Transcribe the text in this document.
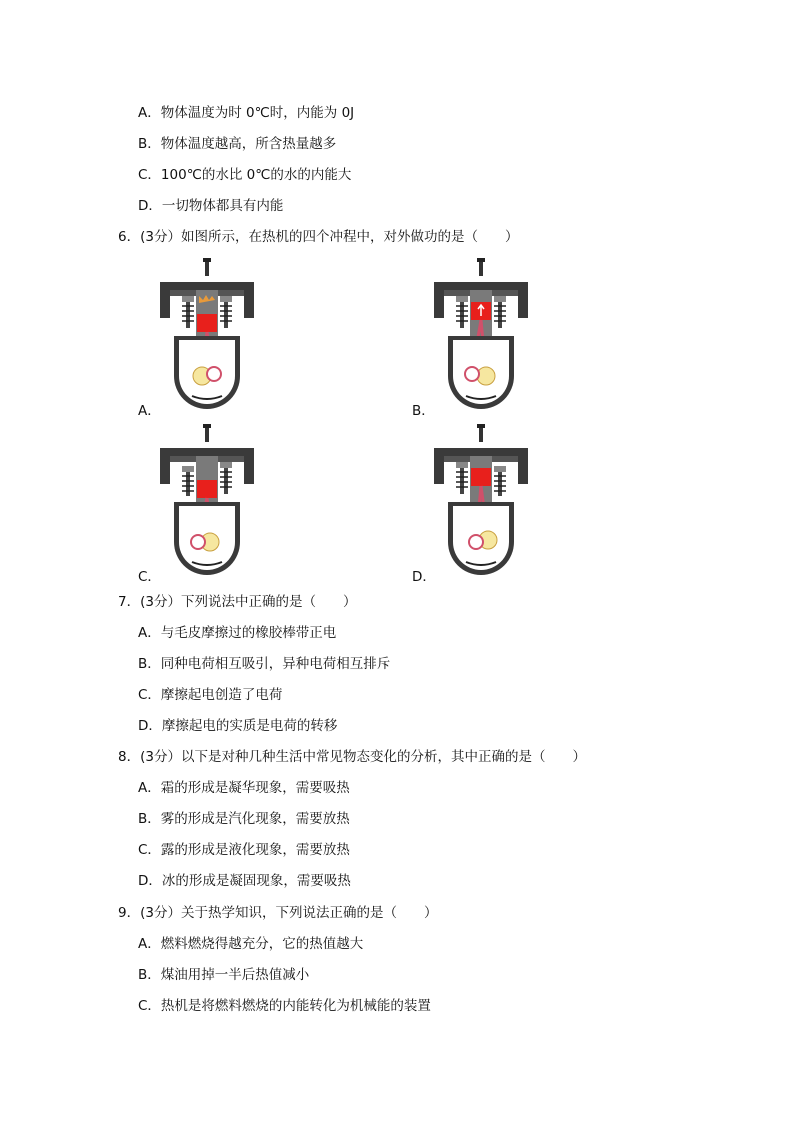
A．物体温度为时 0℃时，内能为 0J
B．物体温度越高，所含热量越多
C．100℃的水比 0℃的水的内能大
D．一切物体都具有内能
6．(3分）如图所示，在热机的四个冲程中，对外做功的是（　　）
A．	B．
C．	D．
7．(3分）下列说法中正确的是（　　）
A．与毛皮摩擦过的橡胶棒带正电
B．同种电荷相互吸引，异种电荷相互排斥
C．摩擦起电创造了电荷
D．摩擦起电的实质是电荷的转移
8．(3分）以下是对种几种生活中常见物态变化的分析，其中正确的是（　　）
A．霜的形成是凝华现象，需要吸热
B．雾的形成是汽化现象，需要放热
C．露的形成是液化现象，需要放热
D．冰的形成是凝固现象，需要吸热
9．(3分）关于热学知识，下列说法正确的是（　　）
A．燃料燃烧得越充分，它的热值越大
B．煤油用掉一半后热值减小
C．热机是将燃料燃烧的内能转化为机械能的装置
